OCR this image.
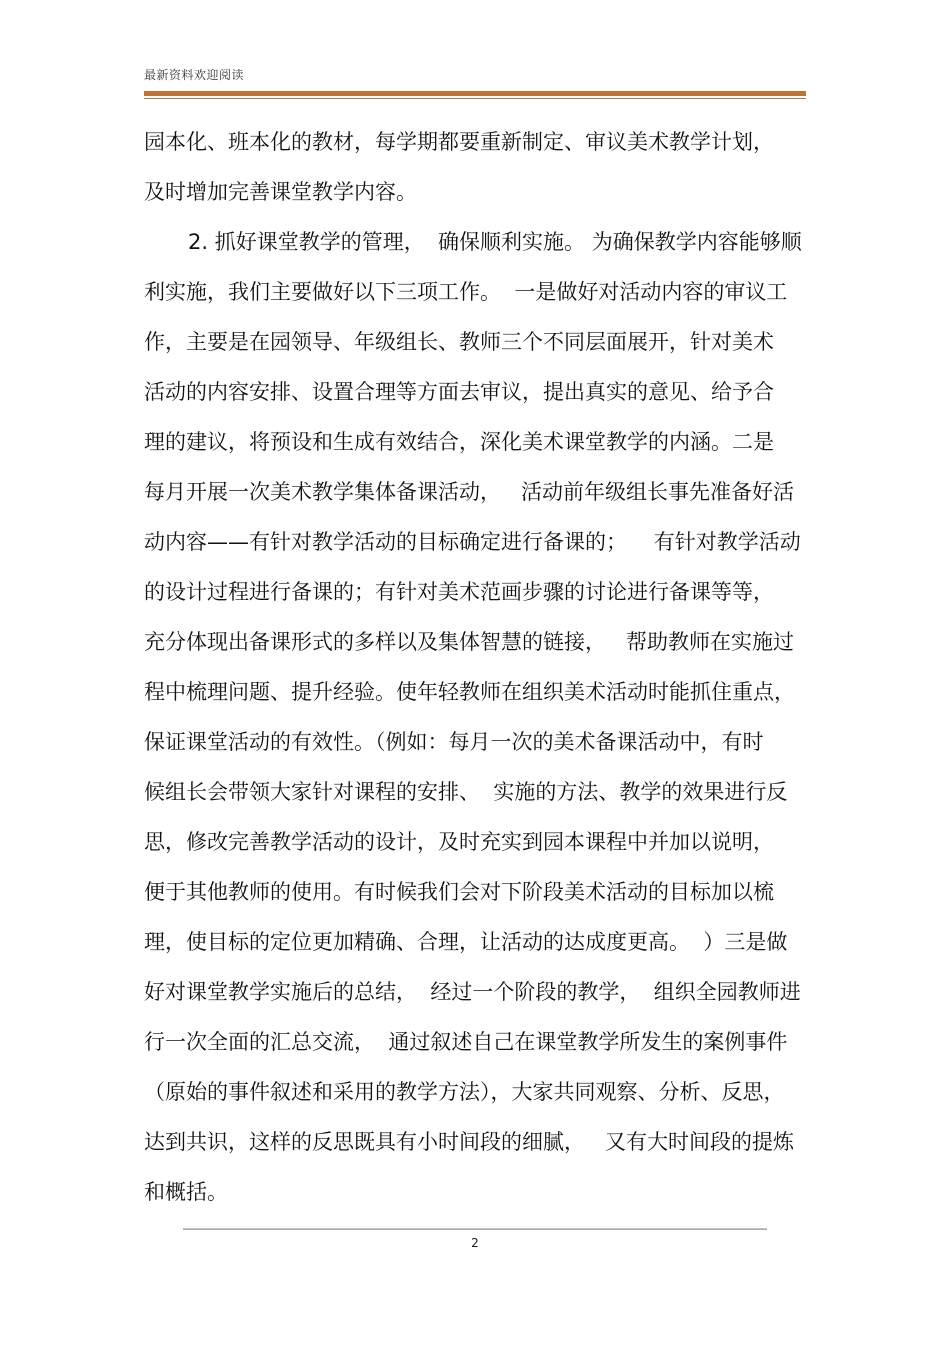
最新资料欢迎阅读
园本化、班本化的教材，每学期都要重新制定、审议美术教学计划，
及时增加完善课堂教学内容。
2. 抓好课堂教学的管理，  确保顺利实施。 为确保教学内容能够顺
利实施，我们主要做好以下三项工作。  一是做好对活动内容的审议工
作，主要是在园领导、年级组长、教师三个不同层面展开，针对美术
活动的内容安排、设置合理等方面去审议，提出真实的意见、给予合
理的建议，将预设和生成有效结合，深化美术课堂教学的内涵。二是
每月开展一次美术教学集体备课活动，   活动前年级组长事先准备好活
动内容——有针对教学活动的目标确定进行备课的；    有针对教学活动
的设计过程进行备课的；有针对美术范画步骤的讨论进行备课等等，
充分体现出备课形式的多样以及集体智慧的链接，   帮助教师在实施过
程中梳理问题、提升经验。使年轻教师在组织美术活动时能抓住重点，
保证课堂活动的有效性。（例如：每月一次的美术备课活动中，有时
候组长会带领大家针对课程的安排、  实施的方法、教学的效果进行反
思，修改完善教学活动的设计，及时充实到园本课程中并加以说明，
便于其他教师的使用。有时候我们会对下阶段美术活动的目标加以梳
理，使目标的定位更加精确、合理，让活动的达成度更高。  ）三是做
好对课堂教学实施后的总结，  经过一个阶段的教学，  组织全园教师进
行一次全面的汇总交流，  通过叙述自己在课堂教学所发生的案例事件
（原始的事件叙述和采用的教学方法），大家共同观察、分析、反思，
达到共识，这样的反思既具有小时间段的细腻，   又有大时间段的提炼
和概括。
2
